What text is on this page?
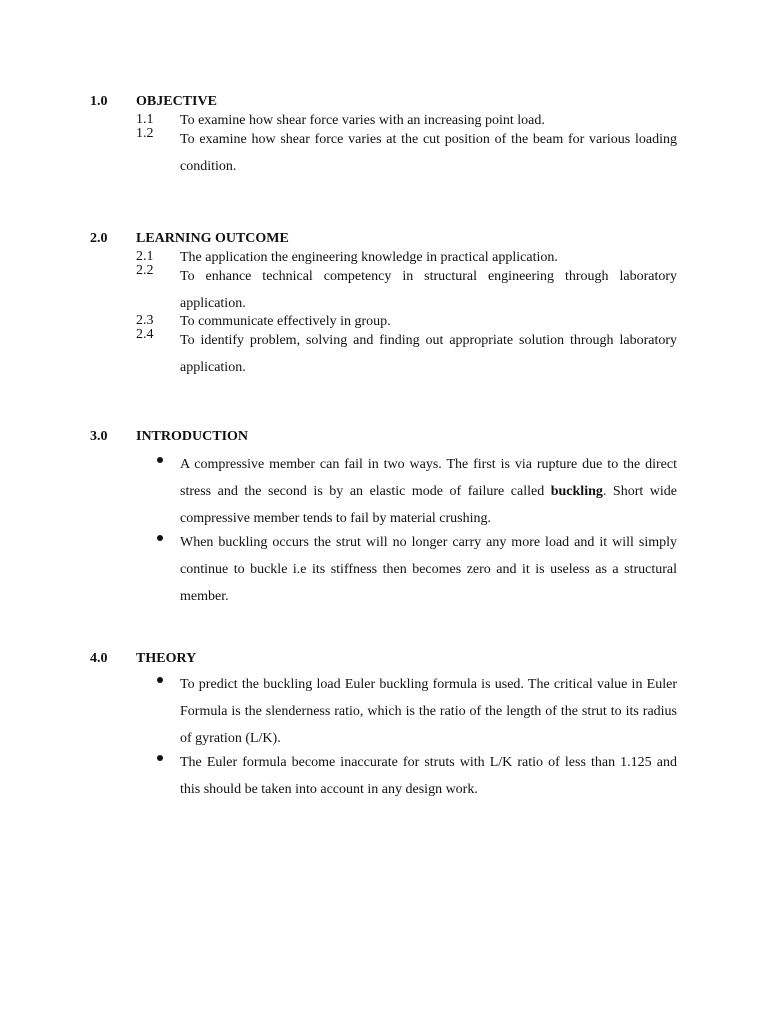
1.0 OBJECTIVE
1.1 To examine how shear force varies with an increasing point load.
1.2 To examine how shear force varies at the cut position of the beam for various loading condition.
2.0 LEARNING OUTCOME
2.1 The application the engineering knowledge in practical application.
2.2 To enhance technical competency in structural engineering through laboratory application.
2.3 To communicate effectively in group.
2.4 To identify problem, solving and finding out appropriate solution through laboratory application.
3.0 INTRODUCTION
A compressive member can fail in two ways. The first is via rupture due to the direct stress and the second is by an elastic mode of failure called buckling. Short wide compressive member tends to fail by material crushing.
When buckling occurs the strut will no longer carry any more load and it will simply continue to buckle i.e its stiffness then becomes zero and it is useless as a structural member.
4.0 THEORY
To predict the buckling load Euler buckling formula is used. The critical value in Euler Formula is the slenderness ratio, which is the ratio of the length of the strut to its radius of gyration (L/K).
The Euler formula become inaccurate for struts with L/K ratio of less than 1.125 and this should be taken into account in any design work.
